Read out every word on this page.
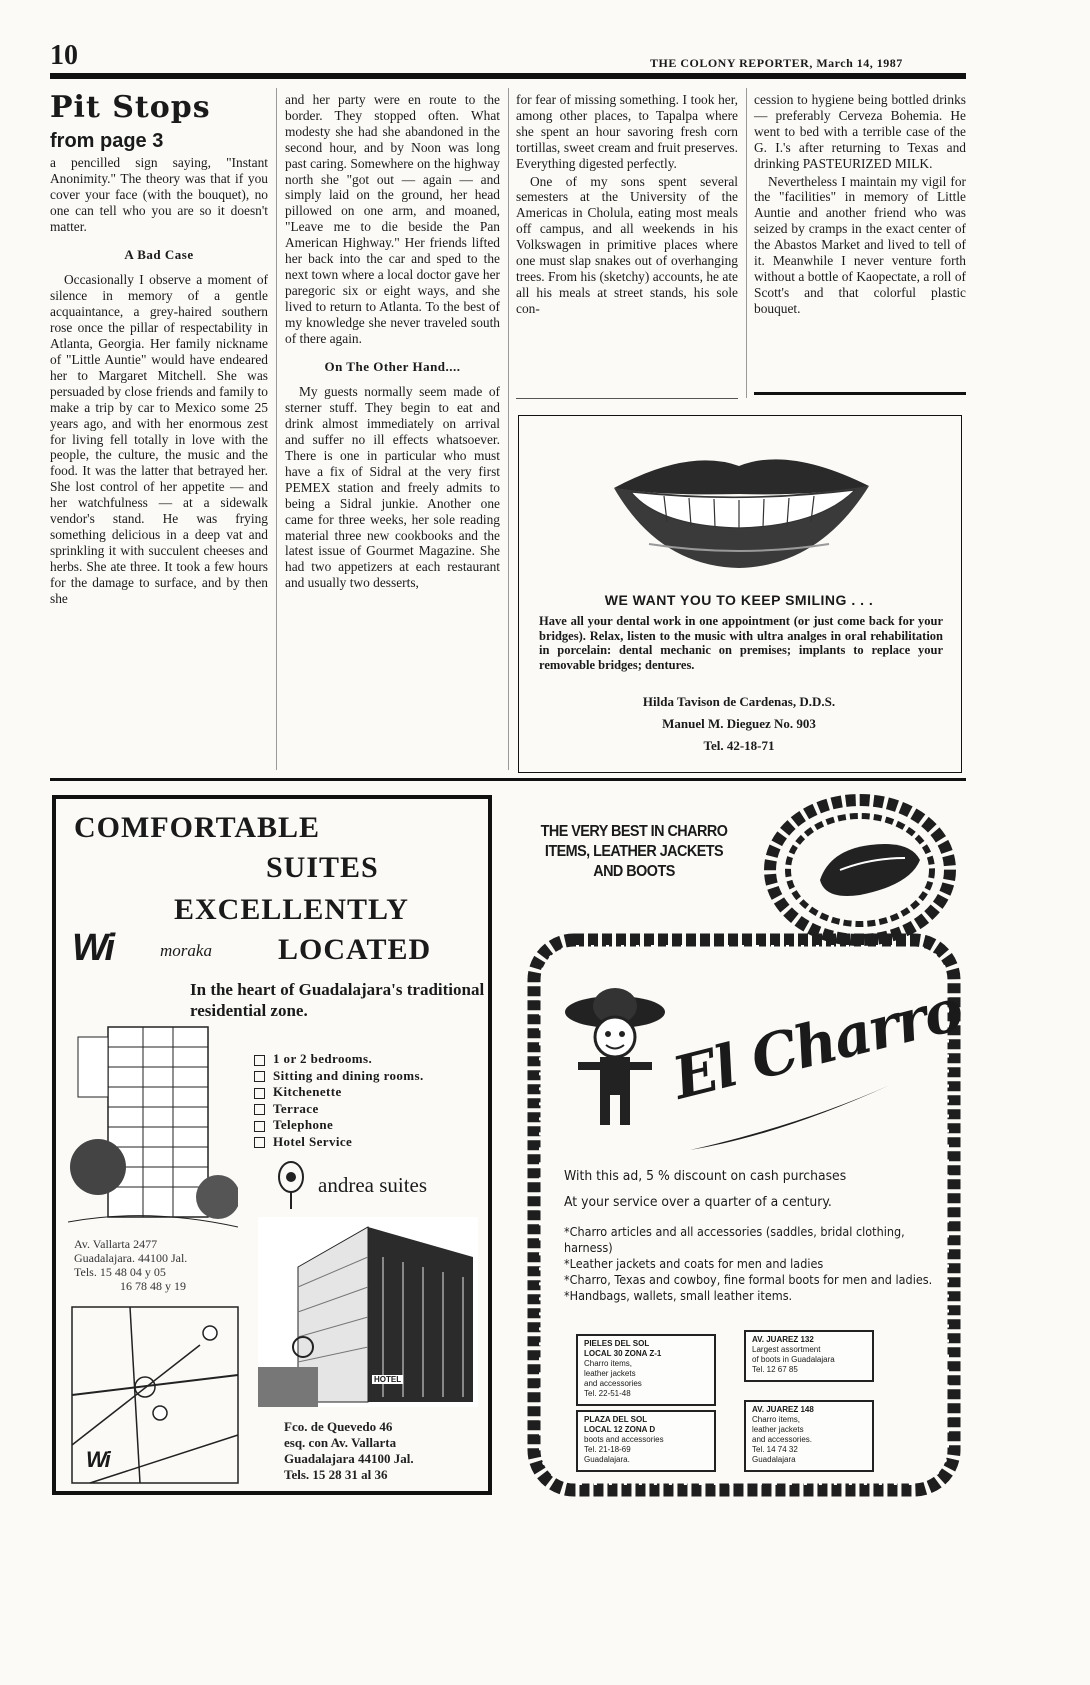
10	THE COLONY REPORTER, March 14, 1987
Pit Stops
from page 3

a pencilled sign saying, "Instant Anonimity." The theory was that if you cover your face (with the bouquet), no one can tell who you are so it doesn't matter.

A Bad Case

Occasionally I observe a moment of silence in memory of a gentle acquaintance, a grey-haired southern rose once the pillar of respectability in Atlanta, Georgia. Her family nickname of "Little Auntie" would have endeared her to Margaret Mitchell. She was persuaded by close friends and family to make a trip by car to Mexico some 25 years ago, and with her enormous zest for living fell totally in love with the people, the culture, the music and the food. It was the latter that betrayed her. She lost control of her appetite — and her watchfulness — at a sidewalk vendor's stand. He was frying something delicious in a deep vat and sprinkling it with succulent cheeses and herbs. She ate three. It took a few hours for the damage to surface, and by then she

and her party were en route to the border. They stopped often. What modesty she had she abandoned in the second hour, and by Noon was long past caring. Somewhere on the highway north she "got out — again — and simply laid on the ground, her head pillowed on one arm, and moaned, "Leave me to die beside the Pan American Highway." Her friends lifted her back into the car and sped to the next town where a local doctor gave her paregoric six or eight ways, and she lived to return to Atlanta. To the best of my knowledge she never traveled south of there again.

On The Other Hand....

My guests normally seem made of sterner stuff. They begin to eat and drink almost immediately on arrival and suffer no ill effects whatsoever. There is one in particular who must have a fix of Sidral at the very first PEMEX station and freely admits to being a Sidral junkie. Another one came for three weeks, her sole reading material three new cookbooks and the latest issue of Gourmet Magazine. She had two appetizers at each restaurant and usually two desserts,

for fear of missing something. I took her, among other places, to Tapalpa where she spent an hour savoring fresh corn tortillas, sweet cream and fruit preserves. Everything digested perfectly.

One of my sons spent several semesters at the University of the Americas in Cholula, eating most meals off campus, and all weekends in his Volkswagen in primitive places where one must slap snakes out of overhanging trees. From his (sketchy) accounts, he ate all his meals at street stands, his sole con-

cession to hygiene being bottled drinks — preferably Cerveza Bohemia. He went to bed with a terrible case of the G. I.'s after returning to Texas and drinking PASTEURIZED MILK.

Nevertheless I maintain my vigil for the "facilities" in memory of Little Auntie and another friend who was seized by cramps in the exact center of the Abastos Market and lived to tell of it. Meanwhile I never venture forth without a bottle of Kaopectate, a roll of Scott's and that colorful plastic bouquet.

WE WANT YOU TO KEEP SMILING . . .
Have all your dental work in one appointment (or just come back for your bridges). Relax, listen to the music with ultra analges in oral rehabilitation in porcelain: dental mechanic on premises; implants to replace your removable bridges; dentures.
Hilda Tavison de Cardenas, D.D.S.
Manuel M. Dieguez No. 903
Tel. 42-18-71
COMFORTABLE
SUITES
EXCELLENTLY
Wi	moraka LOCATED
In the heart of Guadalajara's traditional residential zone.
1 or 2 bedrooms.
Sitting and dining rooms.
Kitchenette
Terrace
Telephone
Hotel Service
andrea suites
Av. Vallarta 2477
Guadalajara. 44100 Jal.
Tels. 15 48 04 y 05
16 78 48 y 19
Wi
HOTEL
Fco. de Quevedo 46
esq. con Av. Vallarta
Guadalajara 44100 Jal.
Tels. 15 28 31 al 36
THE VERY BEST IN CHARRO
ITEMS, LEATHER JACKETS
AND BOOTS
El Charro
With this ad, 5 % discount on cash purchases
At your service over a quarter of a century.
*Charro articles and all accessories (saddles, bridal clothing, harness)
*Leather jackets and coats for men and ladies
*Charro, Texas and cowboy, fine formal boots for men and ladies.
*Handbags, wallets, small leather items.
PIELES DEL SOL
LOCAL 30 ZONA Z-1
Charro items,
leather jackets
and accessories
Tel. 22-51-48
AV. JUAREZ 132
Largest assortment
of boots in Guadalajara
Tel. 12 67 85
PLAZA DEL SOL
LOCAL 12 ZONA D
boots and accessories
Tel. 21-18-69
Guadalajara.
AV. JUAREZ 148
Charro items,
leather jackets
and accessories.
Tel. 14 74 32
Guadalajara
